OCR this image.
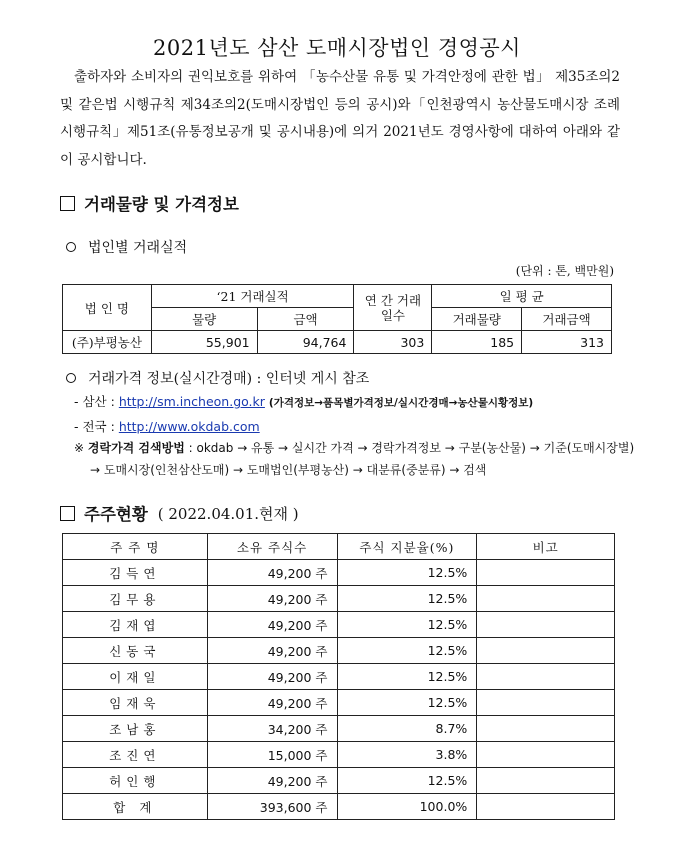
2021년도 삼산 도매시장법인 경영공시
출하자와 소비자의 권익보호를 위하여 「농수산물 유통 및 가격안정에 관한 법」 제35조의2 및 같은법 시행규칙 제34조의2(도매시장법인 등의 공시)와「인천광역시 농산물도매시장 조례시행규칙」제51조(유통정보공개 및 공시내용)에 의거 2021년도 경영사항에 대하여 아래와 같이 공시합니다.
거래물량 및 가격정보
법인별 거래실적
(단위 : 톤, 백만원)
법 인 명	‘21 거래실적		연 간 거래일수	일 평 균	
	물량	금액		거래물량	거래금액
(주)부평농산	55,901	94,764	303	185	313
거래가격 정보(실시간경매) : 인터넷 게시 참조
- 삼산 : http://sm.incheon.go.kr (가격정보→품목별가격정보/실시간경매→농산물시황정보)
- 전국 : http://www.okdab.com
※ 경락가격 검색방법 : okdab → 유통 → 실시간 가격 → 경락가격정보 → 구분(농산물) → 기준(도매시장별) → 도매시장(인천삼산도매) → 도매법인(부평농산) → 대분류(중분류) → 검색
주주현황 ( 2022.04.01.현재 )
주 주 명	소유 주식수	주식 지분율(%)	비고
김득연	49,200 주	12.5%	
김무용	49,200 주	12.5%	
김재엽	49,200 주	12.5%	
신동국	49,200 주	12.5%	
이재일	49,200 주	12.5%	
임재욱	49,200 주	12.5%	
조남홍	34,200 주	8.7%	
조진연	15,000 주	3.8%	
허인행	49,200 주	12.5%	
합 계	393,600 주	100.0%	
